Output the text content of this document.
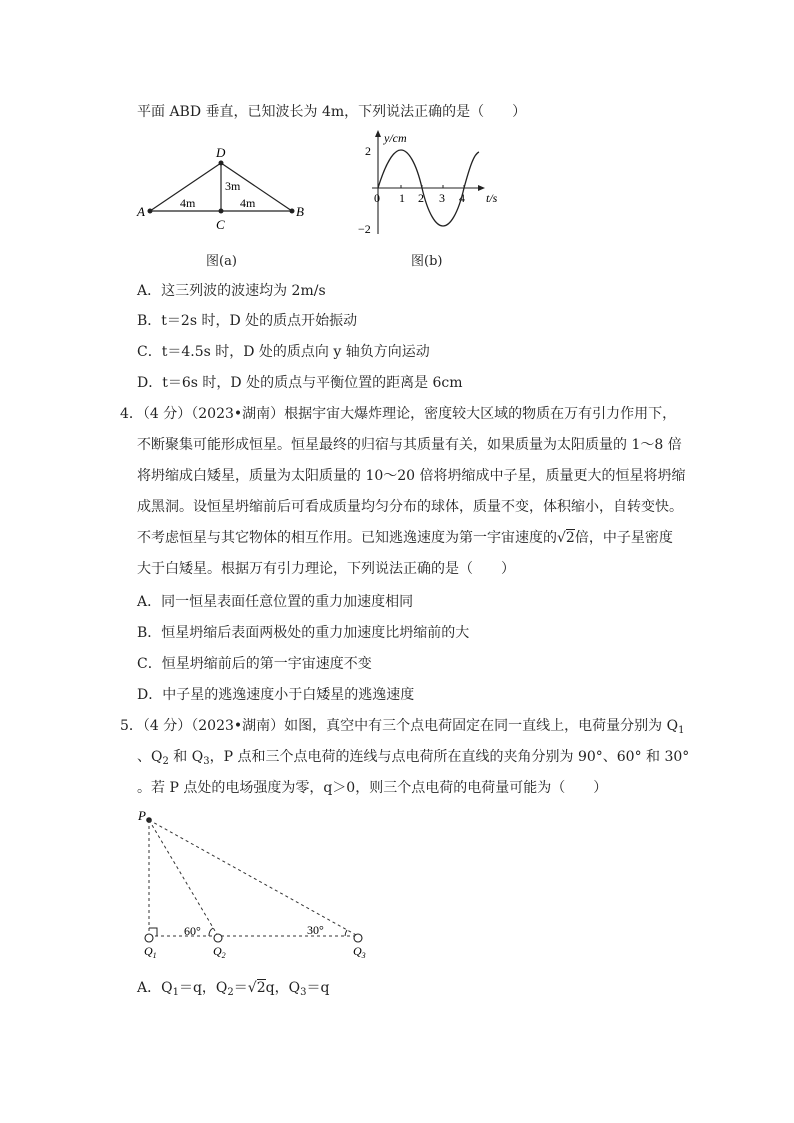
平面 ABD 垂直，已知波长为 4m，下列说法正确的是（　　）
A	B
C
D
4m	4m
3m
图(a)
y/cm
t/s
0 1 2 3 4
2
−2
图(b)
A．这三列波的波速均为 2m/s
B．t＝2s 时，D 处的质点开始振动
C．t＝4.5s 时，D 处的质点向 y 轴负方向运动
D．t＝6s 时，D 处的质点与平衡位置的距离是 6cm
4．（4 分）（2023•湖南）根据宇宙大爆炸理论，密度较大区域的物质在万有引力作用下，
不断聚集可能形成恒星。恒星最终的归宿与其质量有关，如果质量为太阳质量的 1～8 倍
将坍缩成白矮星，质量为太阳质量的 10～20 倍将坍缩成中子星，质量更大的恒星将坍缩
成黑洞。设恒星坍缩前后可看成质量均匀分布的球体，质量不变，体积缩小，自转变快。
不考虑恒星与其它物体的相互作用。已知逃逸速度为第一宇宙速度的√2倍，中子星密度
大于白矮星。根据万有引力理论，下列说法正确的是（　　）
A．同一恒星表面任意位置的重力加速度相同
B．恒星坍缩后表面两极处的重力加速度比坍缩前的大
C．恒星坍缩前后的第一宇宙速度不变
D．中子星的逃逸速度小于白矮星的逃逸速度
5．（4 分）（2023•湖南）如图，真空中有三个点电荷固定在同一直线上，电荷量分别为 $Q_1$
、$Q_2$ 和 $Q_3$，P 点和三个点电荷的连线与点电荷所在直线的夹角分别为 90°、60° 和 30°
。若 P 点处的电场强度为零，q＞0，则三个点电荷的电荷量可能为（　　）
P
60°	30°
$Q_1$	$Q_2$	$Q_3$
A．$Q_1=q$，$Q_2=√2q$，$Q_3=q$
